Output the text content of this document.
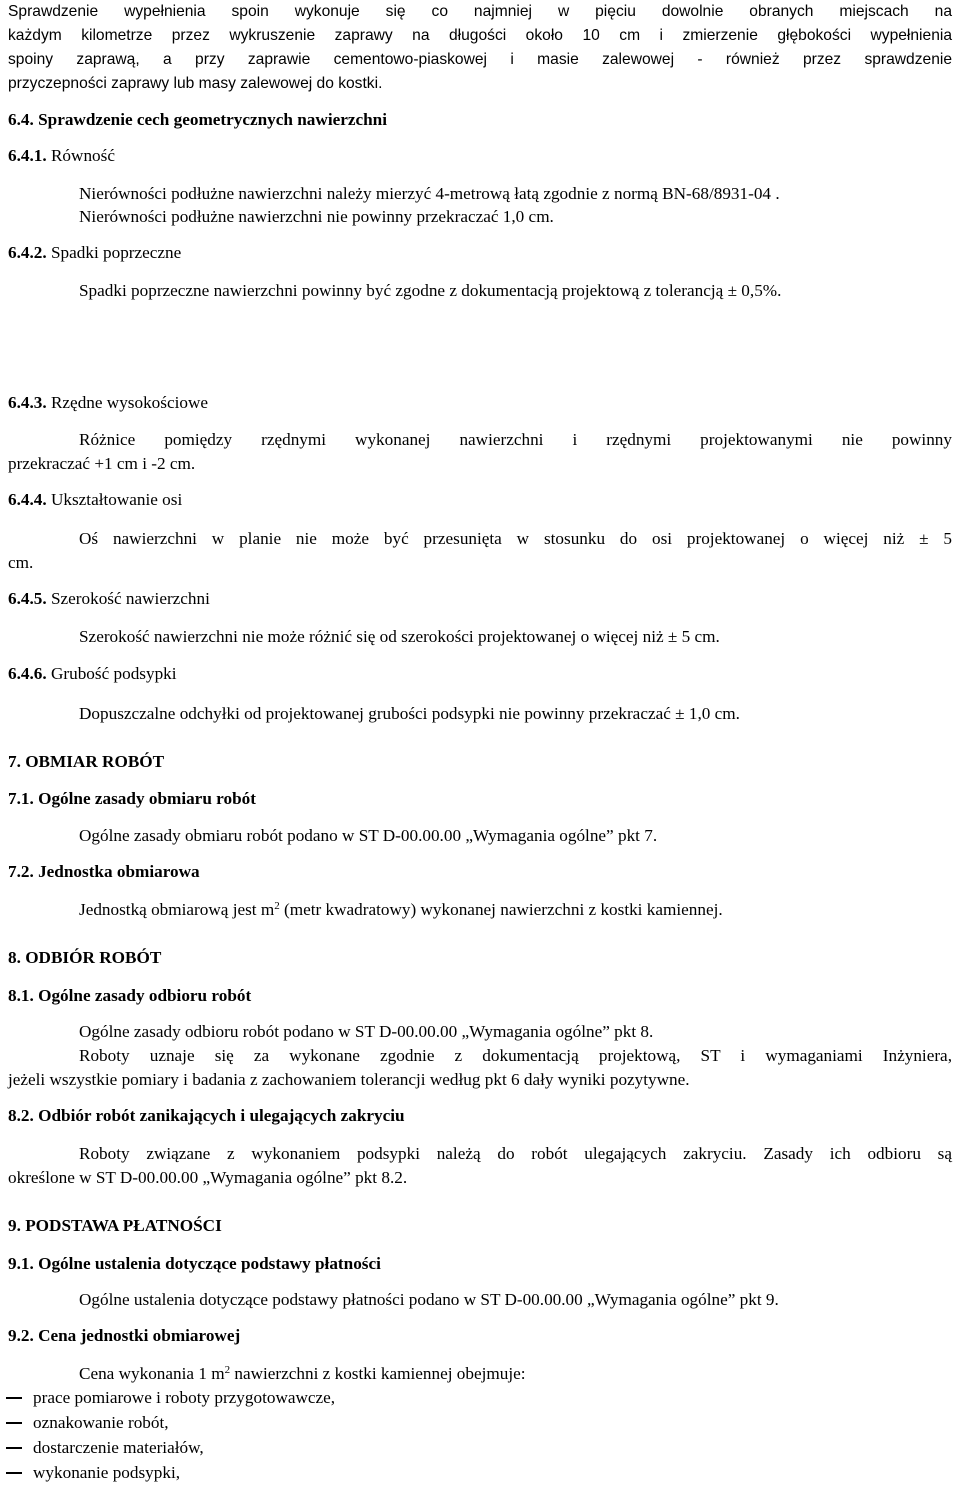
Sprawdzenie wypełnienia spoin wykonuje się co najmniej w pięciu dowolnie obranych miejscach na
każdym kilometrze przez wykruszenie zaprawy na długości około 10 cm i zmierzenie głębokości wypełnienia
spoiny zaprawą, a przy zaprawie cementowo-piaskowej i masie zalewowej - również przez sprawdzenie
przyczepności zaprawy lub masy zalewowej do kostki.
6.4. Sprawdzenie cech geometrycznych nawierzchni
6.4.1. Równość
Nierówności podłużne nawierzchni należy mierzyć 4-metrową łatą zgodnie z normą BN-68/8931-04 .
Nierówności podłużne nawierzchni nie powinny przekraczać 1,0 cm.
6.4.2. Spadki poprzeczne
Spadki poprzeczne nawierzchni powinny być zgodne z dokumentacją projektową z tolerancją ± 0,5%.
6.4.3. Rzędne wysokościowe
Różnice pomiędzy rzędnymi wykonanej nawierzchni i rzędnymi projektowanymi nie powinny
przekraczać +1 cm i -2 cm.
6.4.4. Ukształtowanie osi
Oś nawierzchni w planie nie może być przesunięta w stosunku do osi projektowanej o więcej niż ± 5
cm.
6.4.5. Szerokość nawierzchni
Szerokość nawierzchni nie może różnić się od szerokości projektowanej o więcej niż ± 5 cm.
6.4.6. Grubość podsypki
Dopuszczalne odchyłki od projektowanej grubości podsypki nie powinny przekraczać ± 1,0 cm.
7. OBMIAR ROBÓT
7.1. Ogólne zasady obmiaru robót
Ogólne zasady obmiaru robót podano w ST D-00.00.00 „Wymagania ogólne” pkt 7.
7.2. Jednostka obmiarowa
Jednostką obmiarową jest $m^2$ (metr kwadratowy) wykonanej nawierzchni z kostki kamiennej.
8. ODBIÓR ROBÓT
8.1. Ogólne zasady odbioru robót
Ogólne zasady odbioru robót podano w ST D-00.00.00 „Wymagania ogólne” pkt 8.
Roboty uznaje się za wykonane zgodnie z dokumentacją projektową, ST i wymaganiami Inżyniera,
jeżeli wszystkie pomiary i badania z zachowaniem tolerancji według pkt 6 dały wyniki pozytywne.
8.2. Odbiór robót zanikających i ulegających zakryciu
Roboty związane z wykonaniem podsypki należą do robót ulegających zakryciu. Zasady ich odbioru są
określone w ST D-00.00.00 „Wymagania ogólne” pkt 8.2.
9. PODSTAWA PŁATNOŚCI
9.1. Ogólne ustalenia dotyczące podstawy płatności
Ogólne ustalenia dotyczące podstawy płatności podano w ST D-00.00.00 „Wymagania ogólne” pkt 9.
9.2. Cena jednostki obmiarowej
Cena wykonania 1 $m^2$ nawierzchni z kostki kamiennej obejmuje:
prace pomiarowe i roboty przygotowawcze,
oznakowanie robót,
dostarczenie materiałów,
wykonanie podsypki,
